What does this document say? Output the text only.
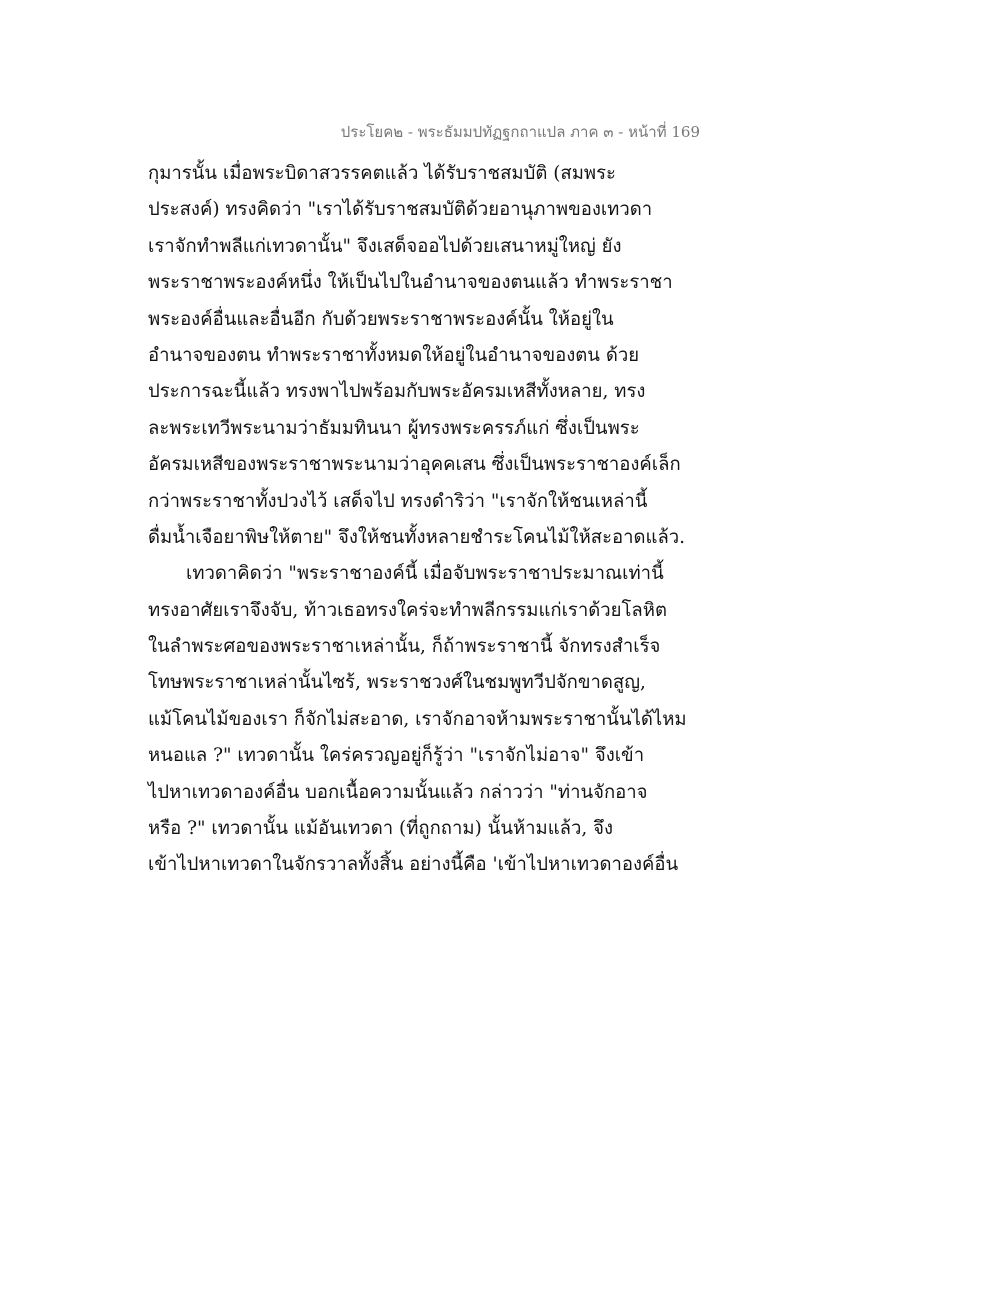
ประโยค๒ - พระธัมมปทัฏฐกถาแปล ภาค ๓ - หน้าที่ 169
กุมารนั้น เมื่อพระบิดาสวรรคตแล้ว ได้รับราชสมบัติ (สมพระ
ประสงค์) ทรงคิดว่า "เราได้รับราชสมบัติด้วยอานุภาพของเทวดา
เราจักทำพลีแก่เทวดานั้น" จึงเสด็จออไปด้วยเสนาหมู่ใหญ่ ยัง
พระราชาพระองค์หนึ่ง ให้เป็นไปในอำนาจของตนแล้ว ทำพระราชา
พระองค์อื่นและอื่นอีก กับด้วยพระราชาพระองค์นั้น ให้อยู่ใน
อำนาจของตน ทำพระราชาทั้งหมดให้อยู่ในอำนาจของตน ด้วย
ประการฉะนี้แล้ว ทรงพาไปพร้อมกับพระอัครมเหสีทั้งหลาย, ทรง
ละพระเทวีพระนามว่าธัมมทินนา ผู้ทรงพระครรภ์แก่ ซึ่งเป็นพระ
อัครมเหสีของพระราชาพระนามว่าอุคคเสน ซึ่งเป็นพระราชาองค์เล็ก
กว่าพระราชาทั้งปวงไว้ เสด็จไป ทรงดำริว่า "เราจักให้ชนเหล่านี้
ดื่มน้ำเจือยาพิษให้ตาย" จึงให้ชนทั้งหลายชำระโคนไม้ให้สะอาดแล้ว.
เทวดาคิดว่า "พระราชาองค์นี้ เมื่อจับพระราชาประมาณเท่านี้
ทรงอาศัยเราจึงจับ, ท้าวเธอทรงใคร่จะทำพลีกรรมแก่เราด้วยโลหิต
ในลำพระศอของพระราชาเหล่านั้น, ก็ถ้าพระราชานี้ จักทรงสำเร็จ
โทษพระราชาเหล่านั้นไซร้, พระราชวงศ์ในชมพูทวีปจักขาดสูญ,
แม้โคนไม้ของเรา ก็จักไม่สะอาด, เราจักอาจห้ามพระราชานั้นได้ไหม
หนอแล ?" เทวดานั้น ใคร่ครวญอยู่ก็รู้ว่า "เราจักไม่อาจ" จึงเข้า
ไปหาเทวดาองค์อื่น บอกเนื้อความนั้นแล้ว กล่าวว่า "ท่านจักอาจ
หรือ ?" เทวดานั้น แม้อันเทวดา (ที่ถูกถาม) นั้นห้ามแล้ว, จึง
เข้าไปหาเทวดาในจักรวาลทั้งสิ้น อย่างนี้คือ 'เข้าไปหาเทวดาองค์อื่น
